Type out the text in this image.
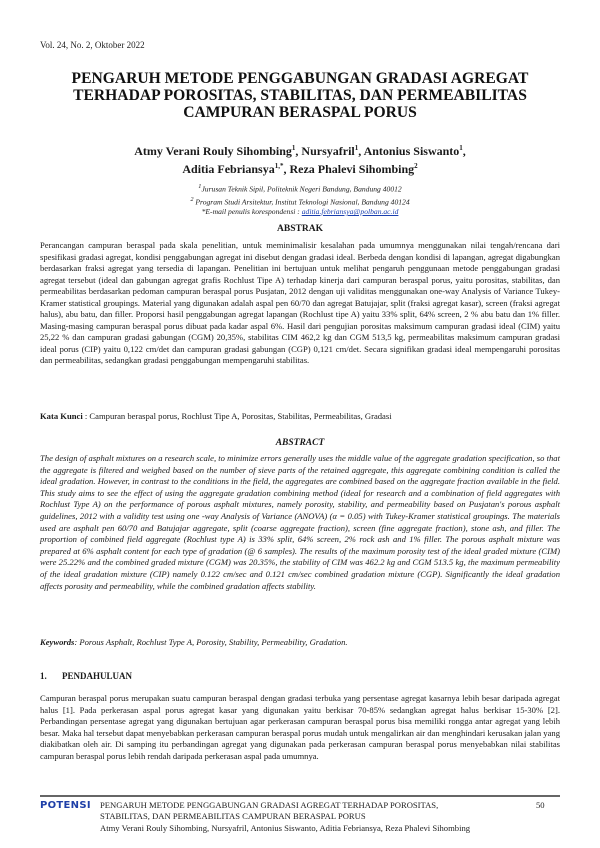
Vol. 24, No. 2, Oktober 2022
PENGARUH METODE PENGGABUNGAN GRADASI AGREGAT
TERHADAP POROSITAS, STABILITAS, DAN PERMEABILITAS
CAMPURAN BERASPAL PORUS
Atmy Verani Rouly Sihombing$^1$, Nursyafril$^1$, Antonius Siswanto$^1$,
Aditia Febriansya$^{1,*}$, Reza Phalevi Sihombing$^2$
$^1$Jurusan Teknik Sipil, Politeknik Negeri Bandung, Bandung 40012
$^2$ Program Studi Arsitektur, Institut Teknologi Nasional, Bandung 40124
*E-mail penulis korespondensi : aditia.febriansya@polban.ac.id
ABSTRAK

Perancangan campuran beraspal pada skala penelitian, untuk meminimalisir kesalahan pada umumnya menggunakan nilai tengah/rencana dari spesifikasi gradasi agregat, kondisi penggabungan agregat ini disebut dengan gradasi ideal. Berbeda dengan kondisi di lapangan, agregat digabungkan berdasarkan fraksi agregat yang tersedia di lapangan. Penelitian ini bertujuan untuk melihat pengaruh penggunaan metode penggabungan gradasi agregat tersebut (ideal dan gabungan agregat grafis Rochlust Tipe A) terhadap kinerja dari campuran beraspal porus, yaitu porositas, stabilitas, dan permeabilitas berdasarkan pedoman campuran beraspal porus Pusjatan, 2012 dengan uji validitas menggunakan one-way Analysis of Variance Tukey-Kramer statistical groupings. Material yang digunakan adalah aspal pen 60/70 dan agregat Batujajar, split (fraksi agregat kasar), screen (fraksi agregat halus), abu batu, dan filler. Proporsi hasil penggabungan agregat lapangan (Rochlust tipe A) yaitu 33% split, 64% screen, 2 % abu batu dan 1% filler. Masing-masing campuran beraspal porus dibuat pada kadar aspal 6%. Hasil dari pengujian porositas maksimum campuran gradasi ideal (CIM) yaitu 25,22 % dan campuran gradasi gabungan (CGM) 20,35%, stabilitas CIM 462,2 kg dan CGM 513,5 kg, permeabilitas maksimum campuran gradasi ideal porus (CIP) yaitu 0,122 cm/det dan campuran gradasi gabungan (CGP) 0,121 cm/det. Secara signifikan gradasi ideal mempengaruhi porositas dan permeabilitas, sedangkan gradasi penggabungan mempengaruhi stabilitas.

Kata Kunci : Campuran beraspal porus, Rochlust Tipe A, Porositas, Stabilitas, Permeabilitas, Gradasi
ABSTRACT

The design of asphalt mixtures on a research scale, to minimize errors generally uses the middle value of the aggregate gradation specification, so that the aggregate is filtered and weighed based on the number of sieve parts of the retained aggregate, this aggregate combining condition is called the ideal gradation. However, in contrast to the conditions in the field, the aggregates are combined based on the aggregate fraction available in the field. This study aims to see the effect of using the aggregate gradation combining method (ideal for research and a combination of field aggregates with Rochlust Type A) on the performance of porous asphalt mixtures, namely porosity, stability, and permeability based on Pusjatan's porous asphalt guidelines, 2012 with a validity test using one -way Analysis of Variance (ANOVA) (α = 0.05) with Tukey-Kramer statistical groupings. The materials used are asphalt pen 60/70 and Batujajar aggregate, split (coarse aggregate fraction), screen (fine aggregate fraction), stone ash, and filler. The proportion of combined field aggregate (Rochlust type A) is 33% split, 64% screen, 2% rock ash and 1% filler. The porous asphalt mixture was prepared at 6% asphalt content for each type of gradation (@ 6 samples). The results of the maximum porosity test of the ideal graded mixture (CIM) were 25.22% and the combined graded mixture (CGM) was 20.35%, the stability of CIM was 462.2 kg and CGM 513.5 kg, the maximum permeability of the ideal gradation mixture (CIP) namely 0.122 cm/sec and 0.121 cm/sec combined gradation mixture (CGP). Significantly the ideal gradation affects porosity and permeability, while the combined gradation affects stability.

Keywords: Porous Asphalt, Rochlust Type A, Porosity, Stability, Permeability, Gradation.
1. PENDAHULUAN

Campuran beraspal porus merupakan suatu campuran beraspal dengan gradasi terbuka yang persentase agregat kasarnya lebih besar daripada agregat halus [1]. Pada perkerasan aspal porus agregat kasar yang digunakan yaitu berkisar 70-85% sedangkan agregat halus berkisar 15-30% [2]. Perbandingan persentase agregat yang digunakan bertujuan agar perkerasan campuran beraspal porus bisa memiliki rongga antar agregat yang lebih besar. Maka hal tersebut dapat menyebabkan perkerasan campuran beraspal porus mudah untuk mengalirkan air dan menghindari kerusakan jalan yang diakibatkan oleh air. Di samping itu perbandingan agregat yang digunakan pada perkerasan campuran beraspal porus menyebabkan nilai stabilitas campuran beraspal porus lebih rendah daripada perkerasan aspal pada umumnya.

POTENSI PENGARUH METODE PENGGABUNGAN GRADASI AGREGAT TERHADAP POROSITAS,
STABILITAS, DAN PERMEABILITAS CAMPURAN BERASPAL PORUS
Atmy Verani Rouly Sihombing, Nursyafril, Antonius Siswanto, Aditia Febriansya, Reza Phalevi Sihombing
50
